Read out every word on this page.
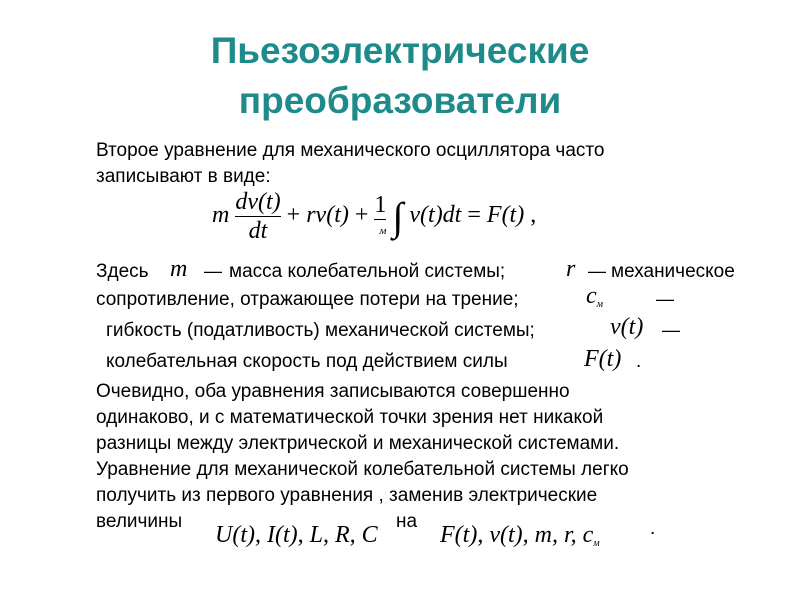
Пьезоэлектрические
преобразователи
Второе уравнение для механического осциллятора часто
записывают в виде:
m $\frac{dv(t)}{dt} + rv(t) + \frac{1}{м}$ ∫ v(t)dt = F(t) ,
Здесь m — масса колебательной системы;	r — механическое
сопротивление, отражающее потери на трение;	$c_м$	—
гибкость (податливость) механической системы;	v(t) —
колебательная скорость под действием силы	F(t) .
Очевидно, оба уравнения записываются совершенно
одинаково, и с математической точки зрения нет никакой
разницы между электрической и механической системами.
Уравнение для механической колебательной системы легко
получить из первого уравнения , заменив электрические
величины
U(t), I(t), L, R, C
на
F(t), v(t), m, r, $c_м$
.
